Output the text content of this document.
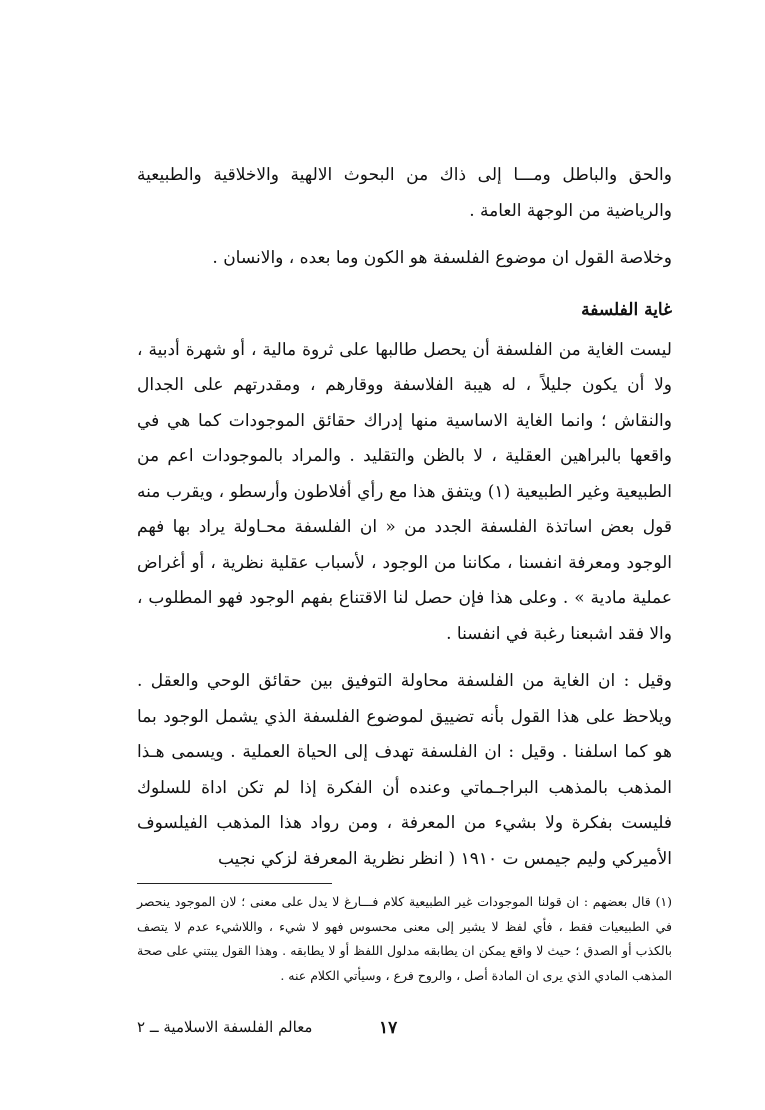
والحق والباطل ومـــا إلى ذاك من البحوث الالهية والاخلاقية والطبيعية والرياضية من الوجهة العامة .

وخلاصة القول ان موضوع الفلسفة هو الكون وما بعده ، والانسان .

غاية الفلسفة

ليست الغاية من الفلسفة أن يحصل طالبها على ثروة مالية ، أو شهرة أدبية ، ولا أن يكون جليلاً ، له هيبة الفلاسفة ووقارهم ، ومقدرتهم على الجدال والنقاش ؛ وانما الغاية الاساسية منها إدراك حقائق الموجودات كما هي في واقعها بالبراهين العقلية ، لا بالظن والتقليد . والمراد بالموجودات اعم من الطبيعية وغير الطبيعية (١) ويتفق هذا مع رأي أفلاطون وأرسطو ، ويقرب منه قول بعض اساتذة الفلسفة الجدد من « ان الفلسفة محـاولة يراد بها فهم الوجود ومعرفة انفسنا ، مكاننا من الوجود ، لأسباب عقلية نظرية ، أو أغراض عملية مادية » . وعلى هذا فإن حصل لنا الاقتناع بفهم الوجود فهو المطلوب ، والا فقد اشبعنا رغبة في انفسنا .

وقيل : ان الغاية من الفلسفة محاولة التوفيق بين حقائق الوحي والعقل . ويلاحظ على هذا القول بأنه تضييق لموضوع الفلسفة الذي يشمل الوجود بما هو كما اسلفنا . وقيل : ان الفلسفة تهدف إلى الحياة العملية . ويسمى هـذا المذهب بالمذهب البراجـماتي وعنده أن الفكرة إذا لم تكن اداة للسلوك فليست بفكرة ولا بشيء من المعرفة ، ومن رواد هذا المذهب الفيلسوف الأميركي وليم جيمس ت ١٩١٠ ( انظر نظرية المعرفة لزكي نجيب

(١) قال بعضهم : ان قولنا الموجودات غير الطبيعية كلام فـــارغ لا يدل على معنى ؛ لان الموجود ينحصر في الطبيعيات فقط ، فأي لفظ لا يشير إلى معنى محسوس فهو لا شيء ، واللاشيء عدم لا يتصف بالكذب أو الصدق ؛ حيث لا واقع يمكن ان يطابقه مدلول اللفظ أو لا يطابقه . وهذا القول يبتني على صحة المذهب المادي الذي يرى ان المادة أصل ، والروح فرع ، وسيأتي الكلام عنه .

١٧
معالم الفلسفة الاسلامية ــ ٢
